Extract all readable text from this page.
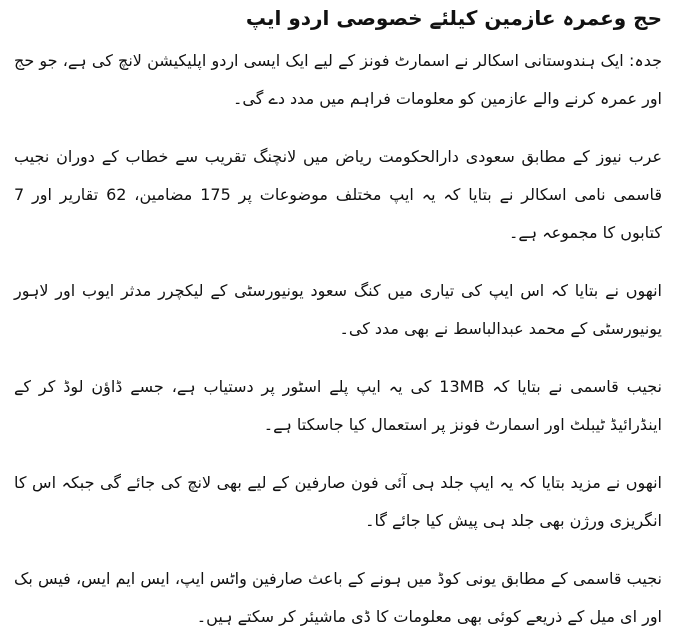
حج وعمرہ عازمین کیلئے خصوصی اردو ایپ

جدہ: ایک ہندوستانی اسکالر نے اسمارٹ فونز کے لیے ایک ایسی اردو اپلیکیشن لانچ کی ہے، جو حج اور عمرہ کرنے والے عازمین کو معلومات فراہم میں مدد دے گی۔

عرب نیوز کے مطابق سعودی دارالحکومت ریاض میں لانچنگ تقریب سے خطاب کے دوران نجیب قاسمی نامی اسکالر نے بتایا کہ یہ ایپ مختلف موضوعات پر 175 مضامین، 62 تقاریر اور 7 کتابوں کا مجموعہ ہے۔

انھوں نے بتایا کہ اس ایپ کی تیاری میں کنگ سعود یونیورسٹی کے لیکچرر مدثر ایوب اور لاہور یونیورسٹی کے محمد عبدالباسط نے بھی مدد کی۔

نجیب قاسمی نے بتایا کہ 13MB کی یہ ایپ پلے اسٹور پر دستیاب ہے، جسے ڈاؤن لوڈ کر کے اینڈرائیڈ ٹیبلٹ اور اسمارٹ فونز پر استعمال کیا جاسکتا ہے۔

انھوں نے مزید بتایا کہ یہ ایپ جلد ہی آئی فون صارفین کے لیے بھی لانچ کی جائے گی جبکہ اس کا انگریزی ورژن بھی جلد ہی پیش کیا جائے گا۔

نجیب قاسمی کے مطابق یونی کوڈ میں ہونے کے باعث صارفین واٹس ایپ، ایس ایم ایس، فیس بک اور ای میل کے ذریعے کوئی بھی معلومات کا ڈی ماشیئر کر سکتے ہیں۔
